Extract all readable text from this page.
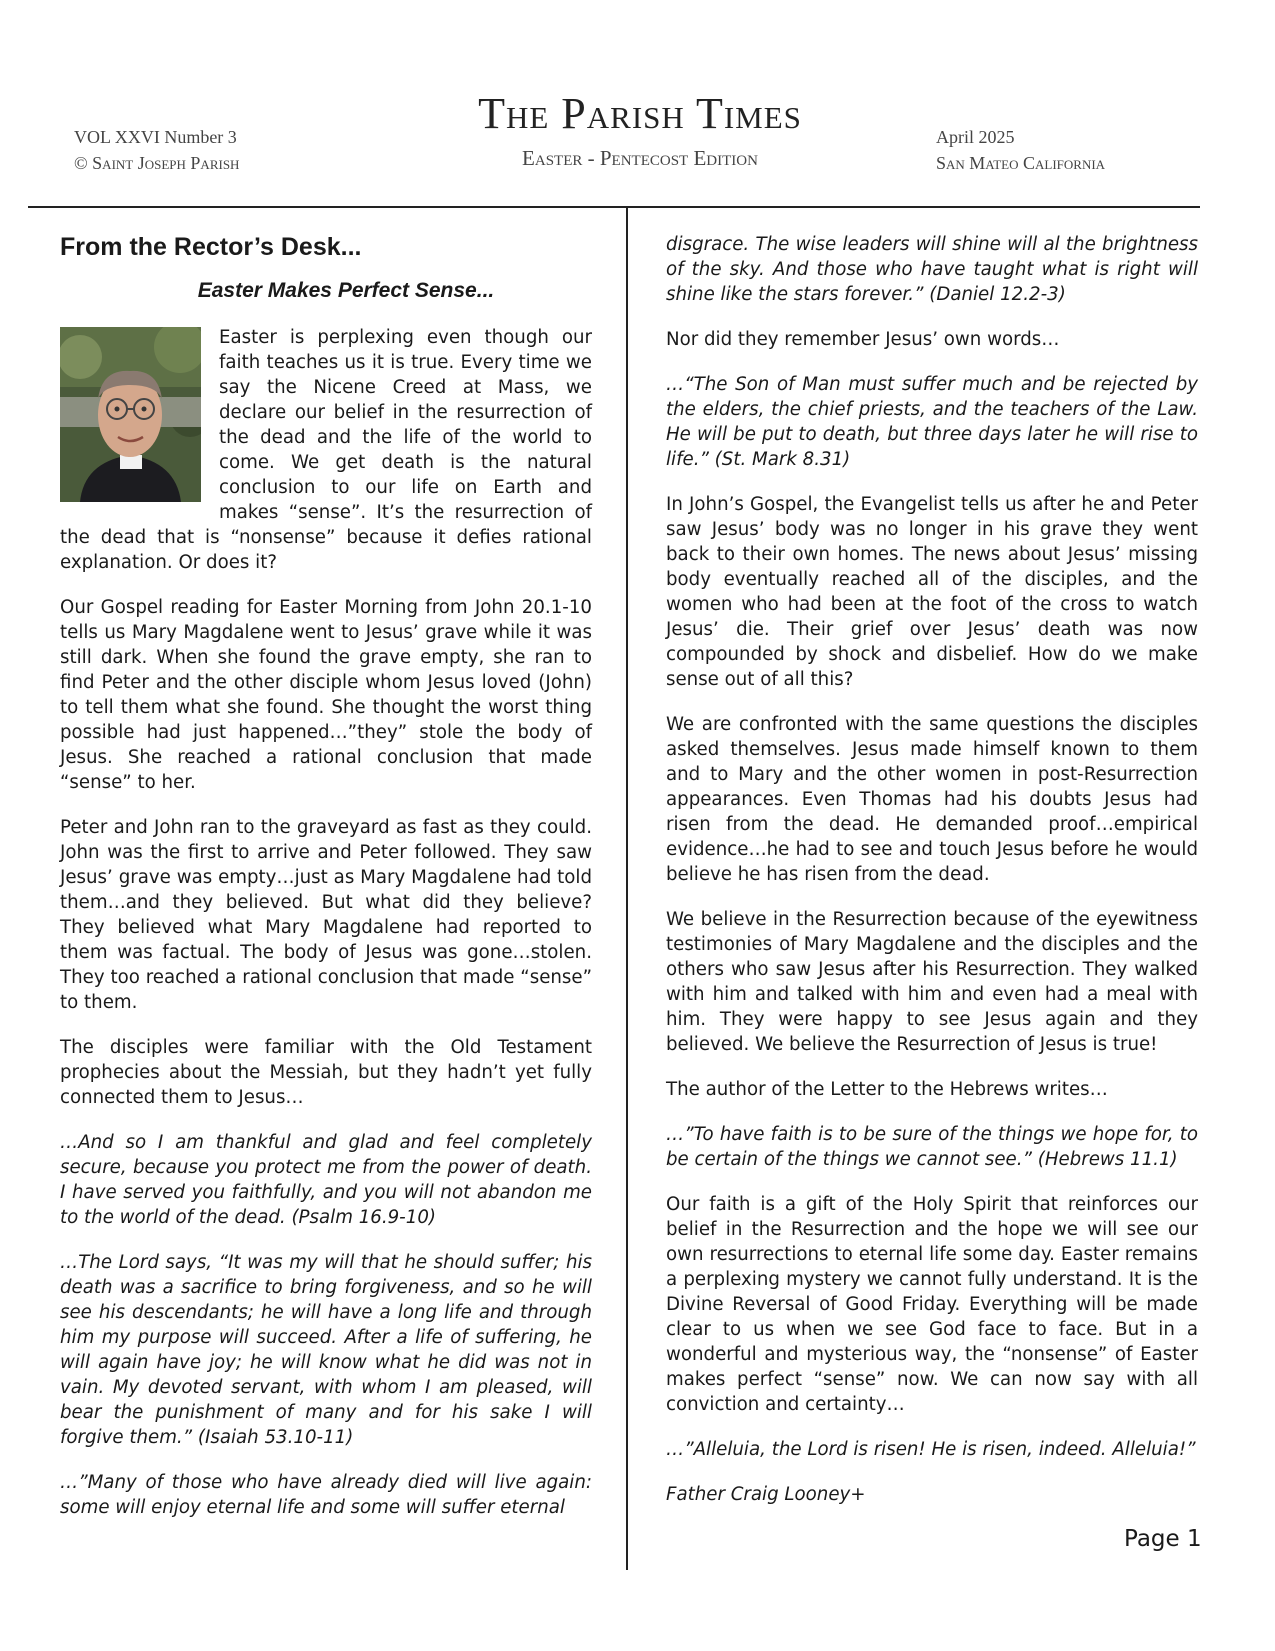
VOL XXVI Number 3
© Saint Joseph Parish
The Parish Times
Easter - Pentecost Edition
April 2025
San Mateo California
From the Rector’s Desk...
Easter Makes Perfect Sense...

Easter is perplexing even though our faith teaches us it is true. Every time we say the Nicene Creed at Mass, we declare our belief in the resurrection of the dead and the life of the world to come. We get death is the natural conclusion to our life on Earth and makes “sense”. It’s the resurrection of the dead that is “nonsense” because it defies rational explanation. Or does it?

Our Gospel reading for Easter Morning from John 20.1-10 tells us Mary Magdalene went to Jesus’ grave while it was still dark. When she found the grave empty, she ran to find Peter and the other disciple whom Jesus loved (John) to tell them what she found. She thought the worst thing possible had just happened…”they” stole the body of Jesus. She reached a rational conclusion that made “sense” to her.

Peter and John ran to the graveyard as fast as they could. John was the first to arrive and Peter followed. They saw Jesus’ grave was empty…just as Mary Magdalene had told them…and they believed. But what did they believe? They believed what Mary Magdalene had reported to them was factual. The body of Jesus was gone…stolen. They too reached a rational conclusion that made “sense” to them.

The disciples were familiar with the Old Testament prophecies about the Messiah, but they hadn’t yet fully connected them to Jesus…

…And so I am thankful and glad and feel completely secure, because you protect me from the power of death. I have served you faithfully, and you will not abandon me to the world of the dead. (Psalm 16.9-10)

…The Lord says, “It was my will that he should suffer; his death was a sacrifice to bring forgiveness, and so he will see his descendants; he will have a long life and through him my purpose will succeed. After a life of suffering, he will again have joy; he will know what he did was not in vain. My devoted servant, with whom I am pleased, will bear the punishment of many and for his sake I will forgive them.” (Isaiah 53.10-11)

…”Many of those who have already died will live again: some will enjoy eternal life and some will suffer eternal

disgrace. The wise leaders will shine will al the brightness of the sky. And those who have taught what is right will shine like the stars forever.” (Daniel 12.2-3)

Nor did they remember Jesus’ own words…

…“The Son of Man must suffer much and be rejected by the elders, the chief priests, and the teachers of the Law. He will be put to death, but three days later he will rise to life.” (St. Mark 8.31)

In John’s Gospel, the Evangelist tells us after he and Peter saw Jesus’ body was no longer in his grave they went back to their own homes. The news about Jesus’ missing body eventually reached all of the disciples, and the women who had been at the foot of the cross to watch Jesus’ die. Their grief over Jesus’ death was now compounded by shock and disbelief. How do we make sense out of all this?

We are confronted with the same questions the disciples asked themselves. Jesus made himself known to them and to Mary and the other women in post-Resurrection appearances. Even Thomas had his doubts Jesus had risen from the dead. He demanded proof…empirical evidence…he had to see and touch Jesus before he would believe he has risen from the dead.

We believe in the Resurrection because of the eyewitness testimonies of Mary Magdalene and the disciples and the others who saw Jesus after his Resurrection. They walked with him and talked with him and even had a meal with him. They were happy to see Jesus again and they believed. We believe the Resurrection of Jesus is true!

The author of the Letter to the Hebrews writes…

…”To have faith is to be sure of the things we hope for, to be certain of the things we cannot see.” (Hebrews 11.1)

Our faith is a gift of the Holy Spirit that reinforces our belief in the Resurrection and the hope we will see our own resurrections to eternal life some day. Easter remains a perplexing mystery we cannot fully understand. It is the Divine Reversal of Good Friday. Everything will be made clear to us when we see God face to face. But in a wonderful and mysterious way, the “nonsense” of Easter makes perfect “sense” now. We can now say with all conviction and certainty…

…”Alleluia, the Lord is risen! He is risen, indeed. Alleluia!”

Father Craig Looney+

Page 1
